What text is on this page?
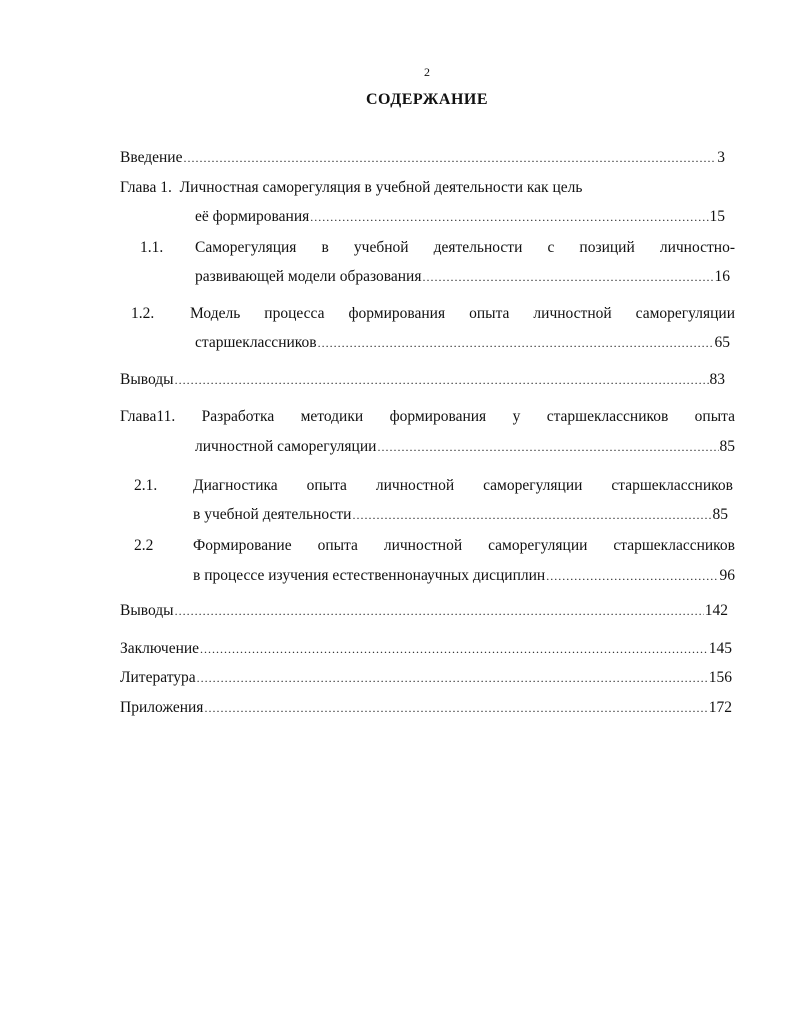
2
СОДЕРЖАНИЕ
Введение .....	3
Глава 1. Личностная саморегуляция в учебной деятельности как цель
её формирования .....	15
1.1. Саморегуляция в учебной деятельности с позиций личностно-
развивающей модели образования .....	16
1.2. Модель процесса формирования опыта личностной саморегуляции
старшеклассников .....	65
Выводы .....	83
Глава11. Разработка методики формирования у старшеклассников опыта
личностной саморегуляции .....	85
2.1. Диагностика опыта личностной саморегуляции старшеклассников
в учебной деятельности .....	85
2.2	Формирование опыта личностной саморегуляции старшеклассников
в процессе изучения естественнонаучных дисциплин .....	96
Выводы .....	142
Заключение .....	145
Литература .....	156
Приложения .....	172
